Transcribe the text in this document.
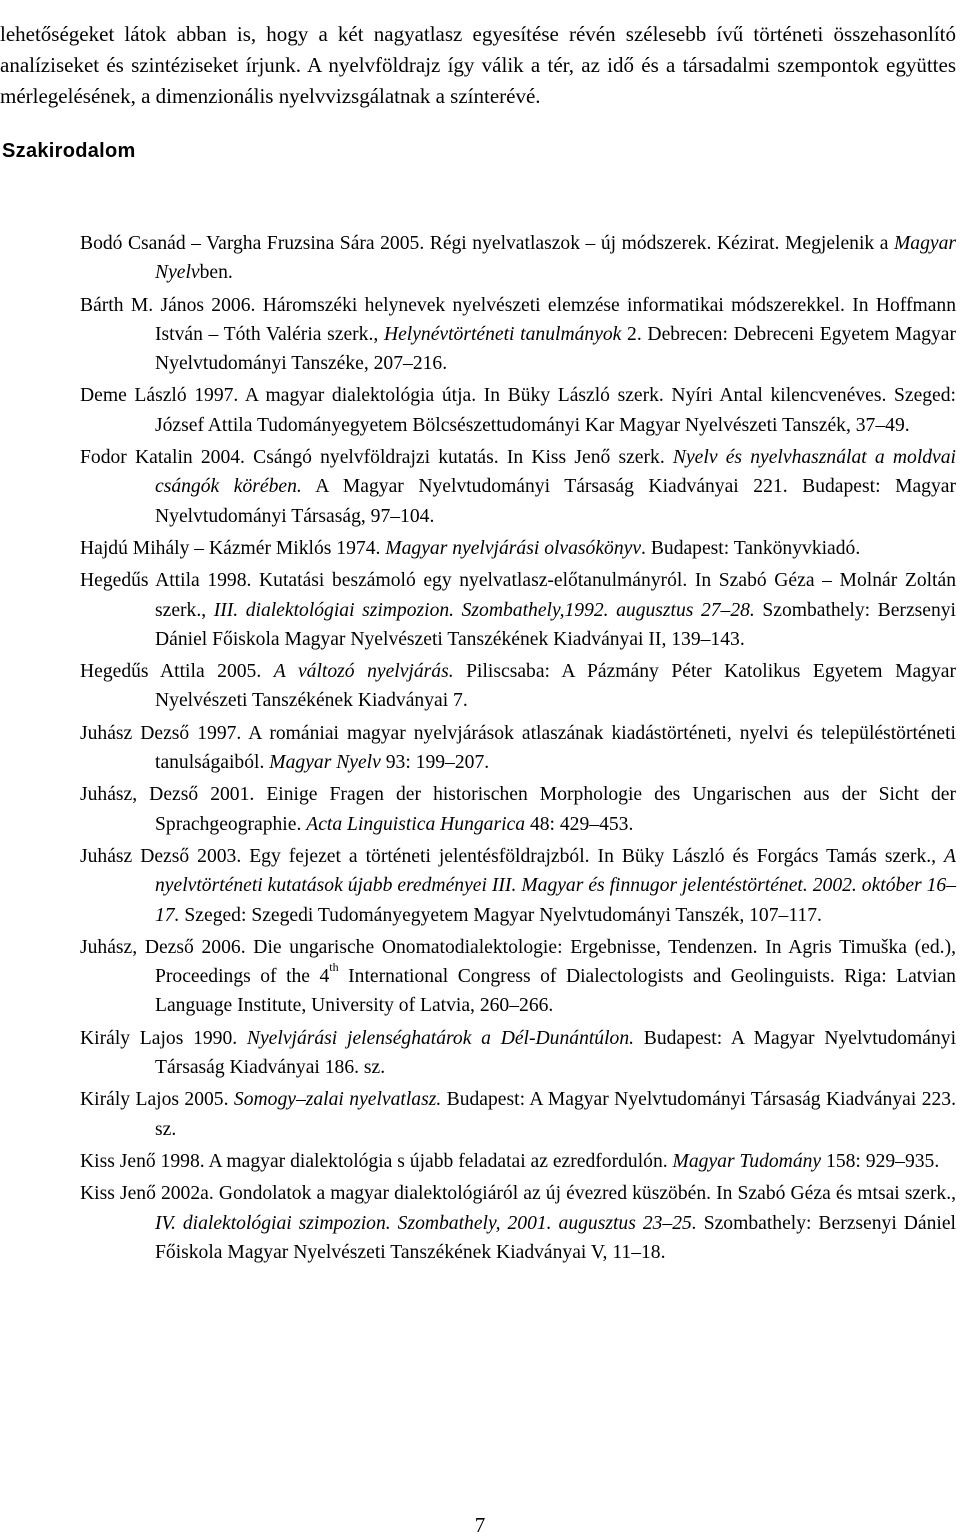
lehetőségeket látok abban is, hogy a két nagyatlasz egyesítése révén szélesebb ívű történeti összehasonlító analíziseket és szintéziseket írjunk. A nyelvföldrajz így válik a tér, az idő és a társadalmi szempontok együttes mérlegelésének, a dimenzionális nyelvvizsgálatnak a színterévé.

Szakirodalom
Bodó Csanád – Vargha Fruzsina Sára 2005. Régi nyelvatlaszok – új módszerek. Kézirat. Megjelenik a Magyar Nyelvben.
Bárth M. János 2006. Háromszéki helynevek nyelvészeti elemzése informatikai módszerekkel. In Hoffmann István – Tóth Valéria szerk., Helynévtörténeti tanulmányok 2. Debrecen: Debreceni Egyetem Magyar Nyelvtudományi Tanszéke, 207–216.
Deme László 1997. A magyar dialektológia útja. In Büky László szerk. Nyíri Antal kilencvenéves. Szeged: József Attila Tudományegyetem Bölcsészettudományi Kar Magyar Nyelvészeti Tanszék, 37–49.
Fodor Katalin 2004. Csángó nyelvföldrajzi kutatás. In Kiss Jenő szerk. Nyelv és nyelvhasználat a moldvai csángók körében. A Magyar Nyelvtudományi Társaság Kiadványai 221. Budapest: Magyar Nyelvtudományi Társaság, 97–104.
Hajdú Mihály – Kázmér Miklós 1974. Magyar nyelvjárási olvasókönyv. Budapest: Tankönyvkiadó.
Hegedűs Attila 1998. Kutatási beszámoló egy nyelvatlasz-előtanulmányról. In Szabó Géza – Molnár Zoltán szerk., III. dialektológiai szimpozion. Szombathely,1992. augusztus 27–28. Szombathely: Berzsenyi Dániel Főiskola Magyar Nyelvészeti Tanszékének Kiadványai II, 139–143.
Hegedűs Attila 2005. A változó nyelvjárás. Piliscsaba: A Pázmány Péter Katolikus Egyetem Magyar Nyelvészeti Tanszékének Kiadványai 7.
Juhász Dezső 1997. A romániai magyar nyelvjárások atlaszának kiadástörténeti, nyelvi és településtörténeti tanulságaiból. Magyar Nyelv 93: 199–207.
Juhász, Dezső 2001. Einige Fragen der historischen Morphologie des Ungarischen aus der Sicht der Sprachgeographie. Acta Linguistica Hungarica 48: 429–453.
Juhász Dezső 2003. Egy fejezet a történeti jelentésföldrajzból. In Büky László és Forgács Tamás szerk., A nyelvtörténeti kutatások újabb eredményei III. Magyar és finnugor jelentéstörténet. 2002. október 16–17. Szeged: Szegedi Tudományegyetem Magyar Nyelvtudományi Tanszék, 107–117.
Juhász, Dezső 2006. Die ungarische Onomatodialektologie: Ergebnisse, Tendenzen. In Agris Timuška (ed.), Proceedings of the 4th International Congress of Dialectologists and Geolinguists. Riga: Latvian Language Institute, University of Latvia, 260–266.
Király Lajos 1990. Nyelvjárási jelenséghatárok a Dél-Dunántúlon. Budapest: A Magyar Nyelvtudományi Társaság Kiadványai 186. sz.
Király Lajos 2005. Somogy–zalai nyelvatlasz. Budapest: A Magyar Nyelvtudományi Társaság Kiadványai 223. sz.
Kiss Jenő 1998. A magyar dialektológia s újabb feladatai az ezredfordulón. Magyar Tudomány 158: 929–935.
Kiss Jenő 2002a. Gondolatok a magyar dialektológiáról az új évezred küszöbén. In Szabó Géza és mtsai szerk., IV. dialektológiai szimpozion. Szombathely, 2001. augusztus 23–25. Szombathely: Berzsenyi Dániel Főiskola Magyar Nyelvészeti Tanszékének Kiadványai V, 11–18.
7
